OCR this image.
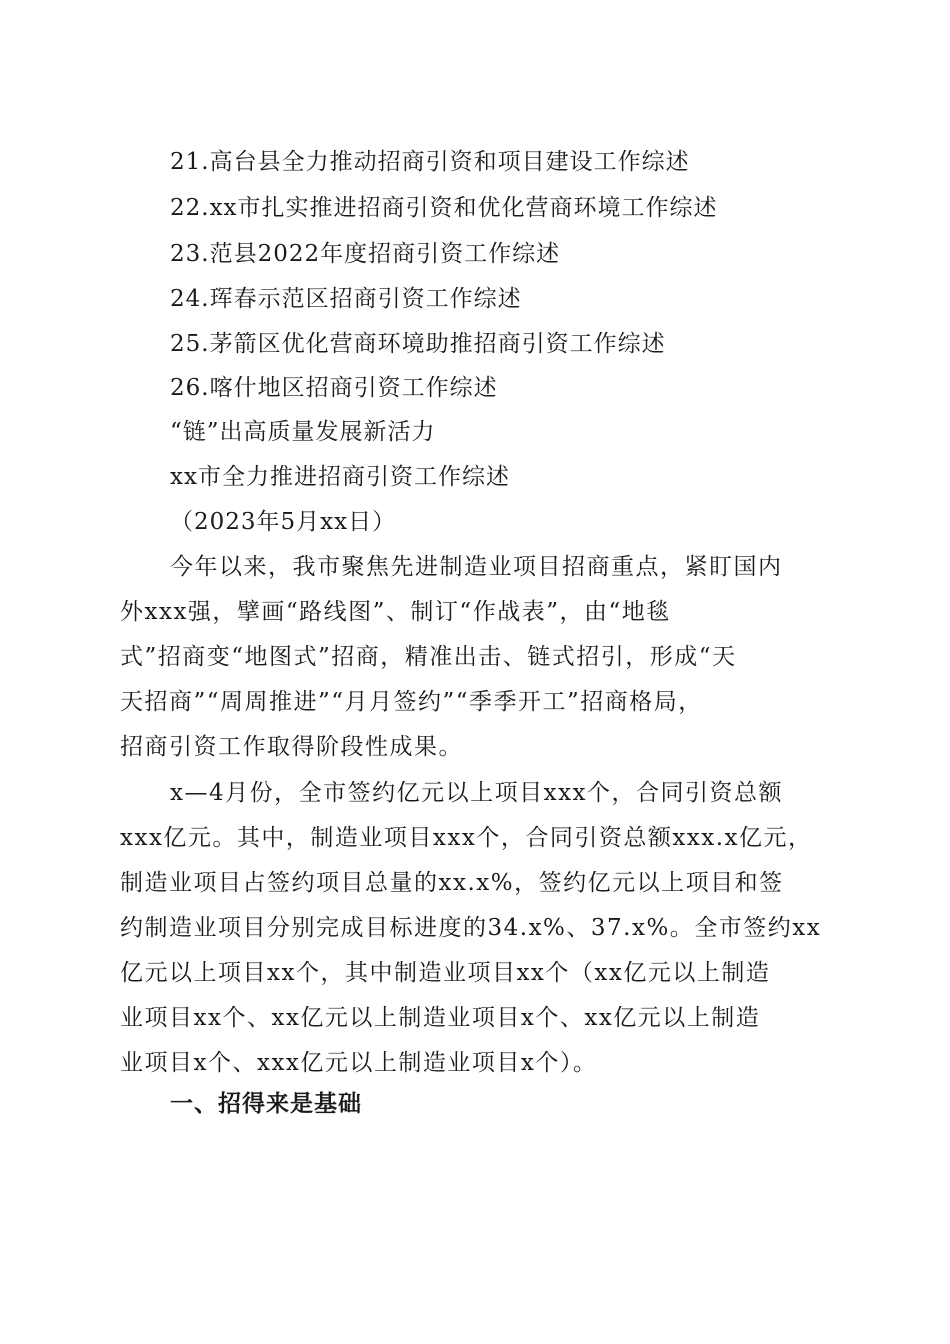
21.高台县全力推动招商引资和项目建设工作综述
22.xx市扎实推进招商引资和优化营商环境工作综述
23.范县2022年度招商引资工作综述
24.珲春示范区招商引资工作综述
25.茅箭区优化营商环境助推招商引资工作综述
26.喀什地区招商引资工作综述
“链”出高质量发展新活力
xx市全力推进招商引资工作综述
（2023年5月xx日）
今年以来，我市聚焦先进制造业项目招商重点，紧盯国内
外xxx强，擘画“路线图”、制订“作战表”，由“地毯
式”招商变“地图式”招商，精准出击、链式招引，形成“天
天招商”“周周推进”“月月签约”“季季开工”招商格局，
招商引资工作取得阶段性成果。
x—4月份，全市签约亿元以上项目xxx个，合同引资总额
xxx亿元。其中，制造业项目xxx个，合同引资总额xxx.x亿元，
制造业项目占签约项目总量的xx.x%，签约亿元以上项目和签
约制造业项目分别完成目标进度的34.x%、37.x%。全市签约xx
亿元以上项目xx个，其中制造业项目xx个（xx亿元以上制造
业项目xx个、xx亿元以上制造业项目x个、xx亿元以上制造
业项目x个、xxx亿元以上制造业项目x个）。
一、招得来是基础
